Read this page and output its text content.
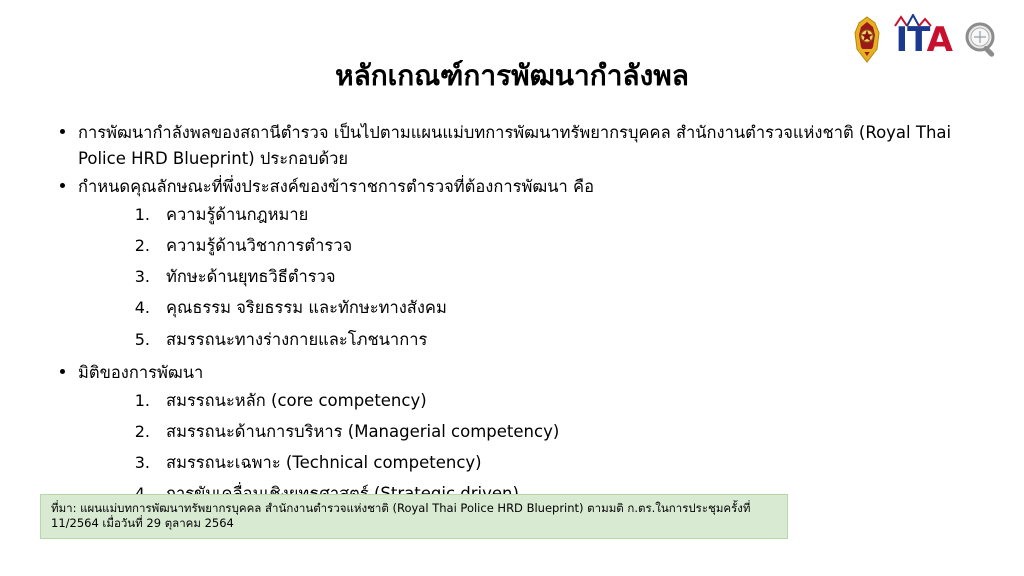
ITA
หลักเกณฑ์การพัฒนากำลังพล
การพัฒนากำลังพลของสถานีตำรวจ เป็นไปตามแผนแม่บทการพัฒนาทรัพยากรบุคคล สำนักงานตำรวจแห่งชาติ (Royal Thai Police HRD Blueprint) ประกอบด้วย
กำหนดคุณลักษณะที่พึ่งประสงค์ของข้าราชการตำรวจที่ต้องการพัฒนา คือ
1. ความรู้ด้านกฎหมาย
2. ความรู้ด้านวิชาการตำรวจ
3. ทักษะด้านยุทธวิธีตำรวจ
4. คุณธรรม จริยธรรม และทักษะทางสังคม
5. สมรรถนะทางร่างกายและโภชนาการ
มิติของการพัฒนา
1. สมรรถนะหลัก (core competency)
2. สมรรถนะด้านการบริหาร (Managerial competency)
3. สมรรถนะเฉพาะ (Technical competency)
ที่มา: แผนแม่บทการพัฒนาทรัพยากรบุคคล สำนักงานตำรวจแห่งชาติ (Royal Thai Police HRD Blueprint) ตามมติ ก.ตร.ในการประชุมครั้งที่ 11/2564 เมื่อวันที่ 29 ตุลาคม 2564
